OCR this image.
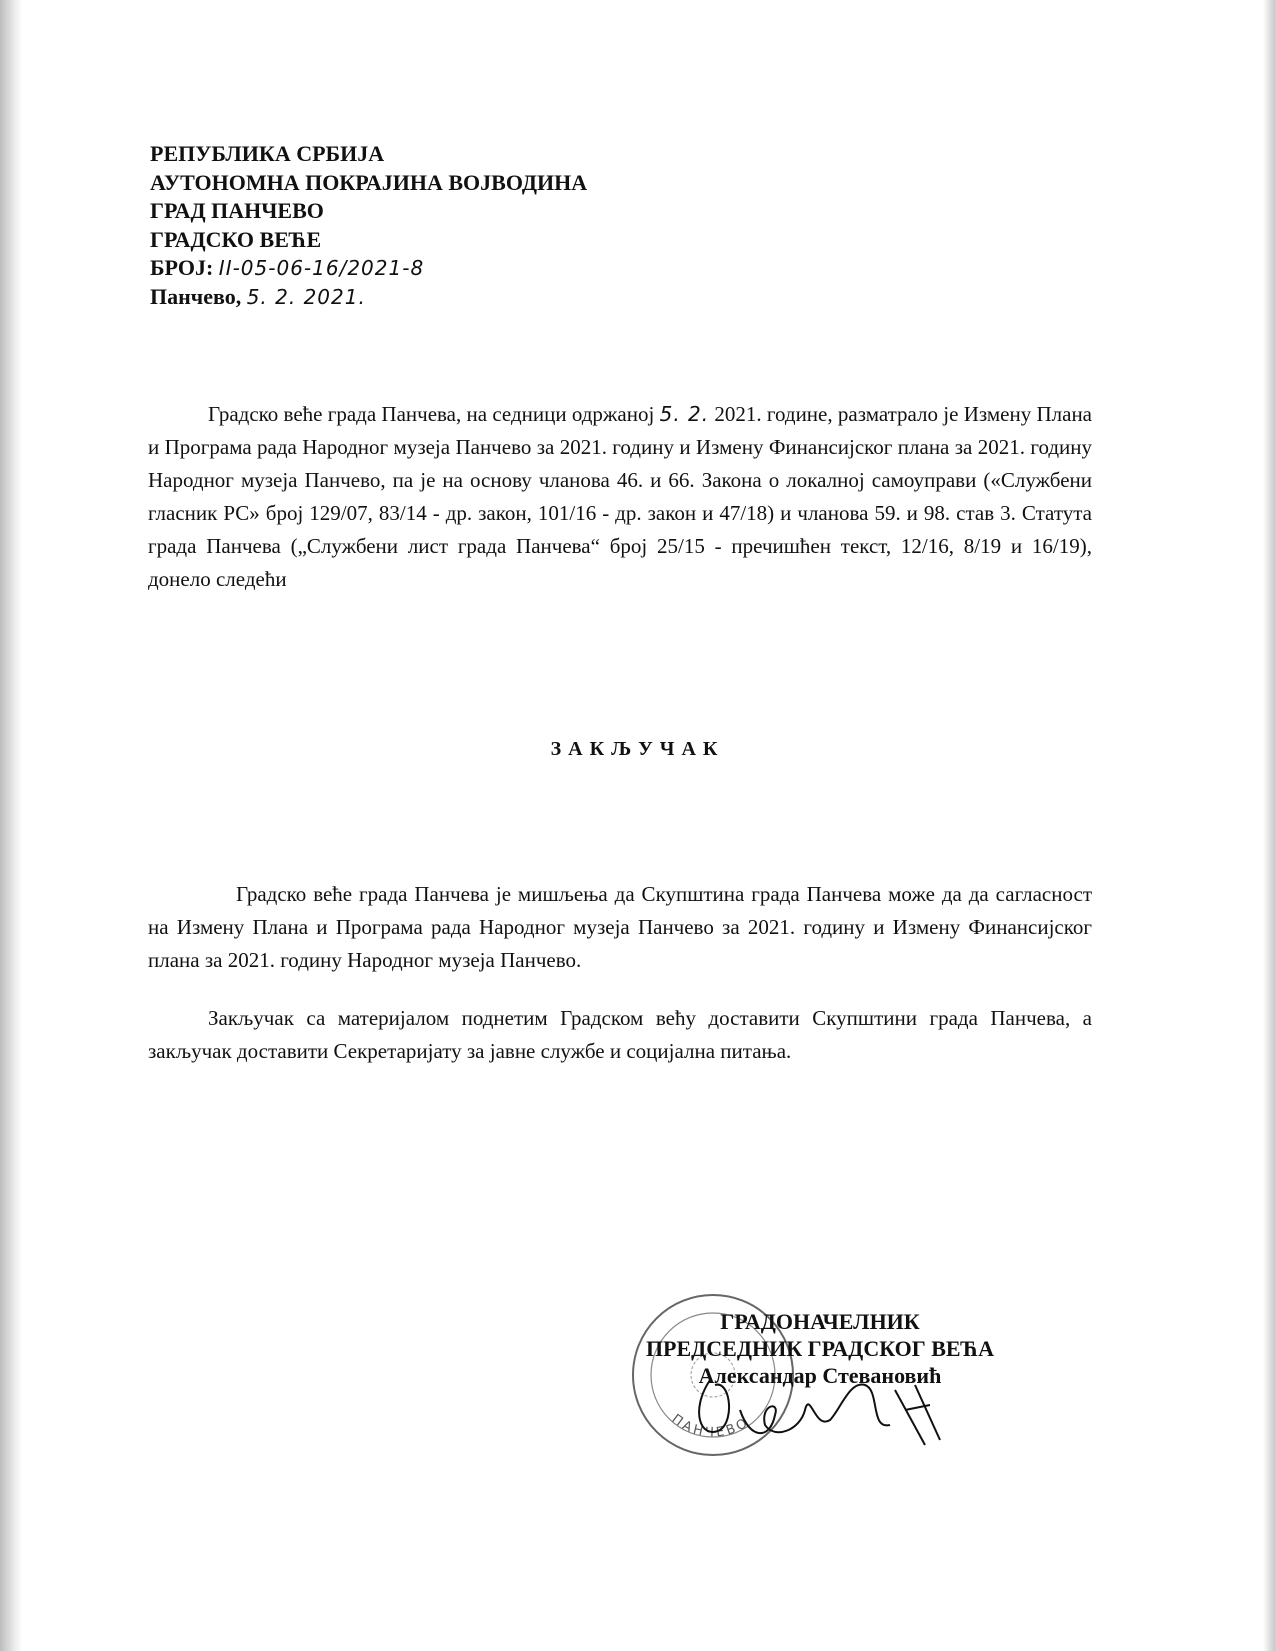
РЕПУБЛИКА СРБИЈА
АУТОНОМНА ПОКРАЈИНА ВОЈВОДИНА
ГРАД ПАНЧЕВО
ГРАДСКО ВЕЋЕ
БРОЈ: II-05-06-16/2021-8
Панчево, 5. 2. 2021.
Градско веће града Панчева, на седници одржаној 5. 2. 2021. године, разматрало је Измену Плана и Програма рада Народног музеја Панчево за 2021. годину и Измену Финансијског плана за 2021. годину Народног музеја Панчево, па је на основу чланова 46. и 66. Закона о локалној самоуправи («Службени гласник РС» број 129/07, 83/14 - др. закон, 101/16 - др. закон и 47/18) и чланова 59. и 98. став 3. Статута града Панчева („Службени лист града Панчева“ број 25/15 - пречишћен текст, 12/16, 8/19 и 16/19), донело следећи
ЗАКЉУЧАК
Градско веће града Панчева је мишљења да Скупштина града Панчева може да да сагласност на Измену Плана и Програма рада Народног музеја Панчево за 2021. годину и Измену Финансијског плана за 2021. годину Народног музеја Панчево.
Закључак са материјалом поднетим Градском већу доставити Скупштини града Панчева, а закључак доставити Секретаријату за јавне службе и социјална питања.
ПАНЧЕВО
ГРАДОНАЧЕЛНИК
ПРЕДСЕДНИК ГРАДСКОГ ВЕЋА
Александар Стевановић
